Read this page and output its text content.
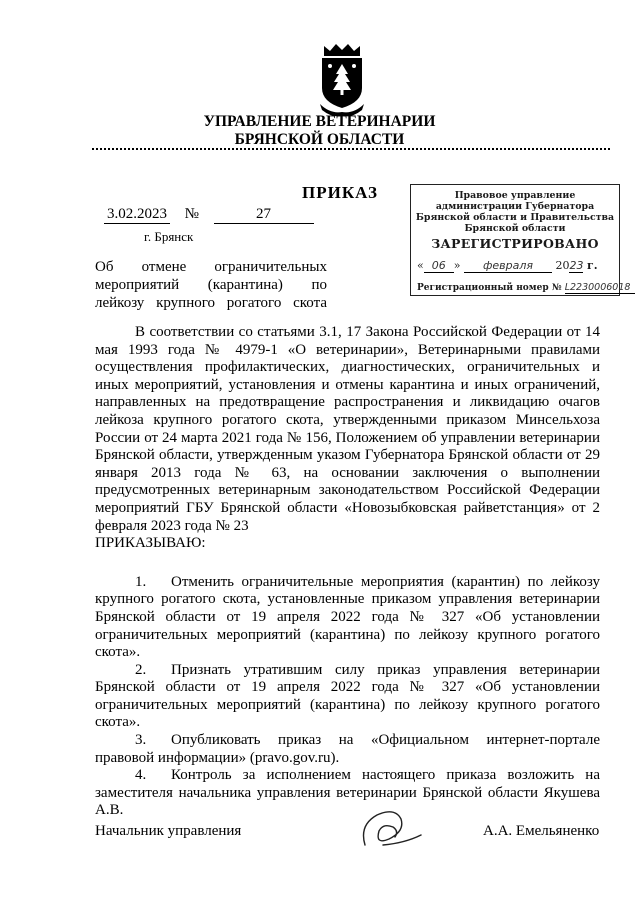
УПРАВЛЕНИЕ ВЕТЕРИНАРИИ
БРЯНСКОЙ ОБЛАСТИ
ПРИКАЗ
3.02.2023 №	27
г. Брянск
Об отмене ограничительных мероприятий (карантина) по лейкозу крупного рогатого скота
Правовое управление
администрации Губернатора
Брянской области и Правительства
Брянской области
ЗАРЕГИСТРИРОВАНО
« 06 » февраля 2023 г.
Регистрационный номер № L2230006018
В соответствии со статьями 3.1, 17 Закона Российской Федерации от 14 мая 1993 года № 4979-1 «О ветеринарии», Ветеринарными правилами осуществления профилактических, диагностических, ограничительных и иных мероприятий, установления и отмены карантина и иных ограничений, направленных на предотвращение распространения и ликвидацию очагов лейкоза крупного рогатого скота, утвержденными приказом Минсельхоза России от 24 марта 2021 года № 156, Положением об управлении ветеринарии Брянской области, утвержденным указом Губернатора Брянской области от 29 января 2013 года № 63, на основании заключения о выполнении предусмотренных ветеринарным законодательством Российской Федерации мероприятий ГБУ Брянской области «Новозыбковская райветстанция» от 2 февраля 2023 года № 23
ПРИКАЗЫВАЮ:
1. Отменить ограничительные мероприятия (карантин) по лейкозу крупного рогатого скота, установленные приказом управления ветеринарии Брянской области от 19 апреля 2022 года № 327 «Об установлении ограничительных мероприятий (карантина) по лейкозу крупного рогатого скота».
2. Признать утратившим силу приказ управления ветеринарии Брянской области от 19 апреля 2022 года № 327 «Об установлении ограничительных мероприятий (карантина) по лейкозу крупного рогатого скота».
3. Опубликовать приказ на «Официальном интернет-портале правовой информации» (pravo.gov.ru).
4. Контроль за исполнением настоящего приказа возложить на заместителя начальника управления ветеринарии Брянской области Якушева А.В.
Начальник управления	А.А. Емельяненко
